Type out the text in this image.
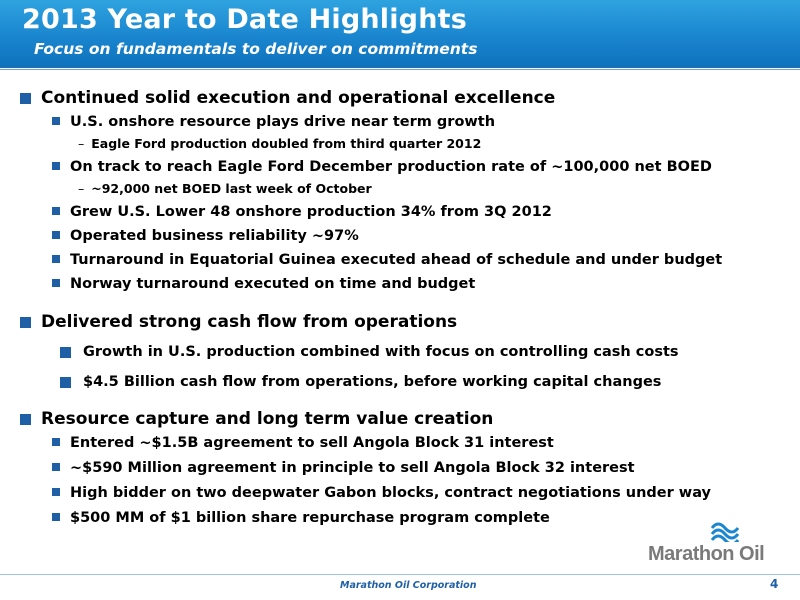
2013 Year to Date Highlights
Focus on fundamentals to deliver on commitments
Continued solid execution and operational excellence
U.S. onshore resource plays drive near term growth
– Eagle Ford production doubled from third quarter 2012
On track to reach Eagle Ford December production rate of ~100,000 net BOED
– ~92,000 net BOED last week of October
Grew U.S. Lower 48 onshore production 34% from 3Q 2012
Operated business reliability ~97%
Turnaround in Equatorial Guinea executed ahead of schedule and under budget
Norway turnaround executed on time and budget
Delivered strong cash flow from operations
Growth in U.S. production combined with focus on controlling cash costs
$4.5 Billion cash flow from operations, before working capital changes
Resource capture and long term value creation
Entered ~$1.5B agreement to sell Angola Block 31 interest
~$590 Million agreement in principle to sell Angola Block 32 interest
High bidder on two deepwater Gabon blocks, contract negotiations under way
$500 MM of $1 billion share repurchase program complete
Marathon Oil
Marathon Oil Corporation	4
